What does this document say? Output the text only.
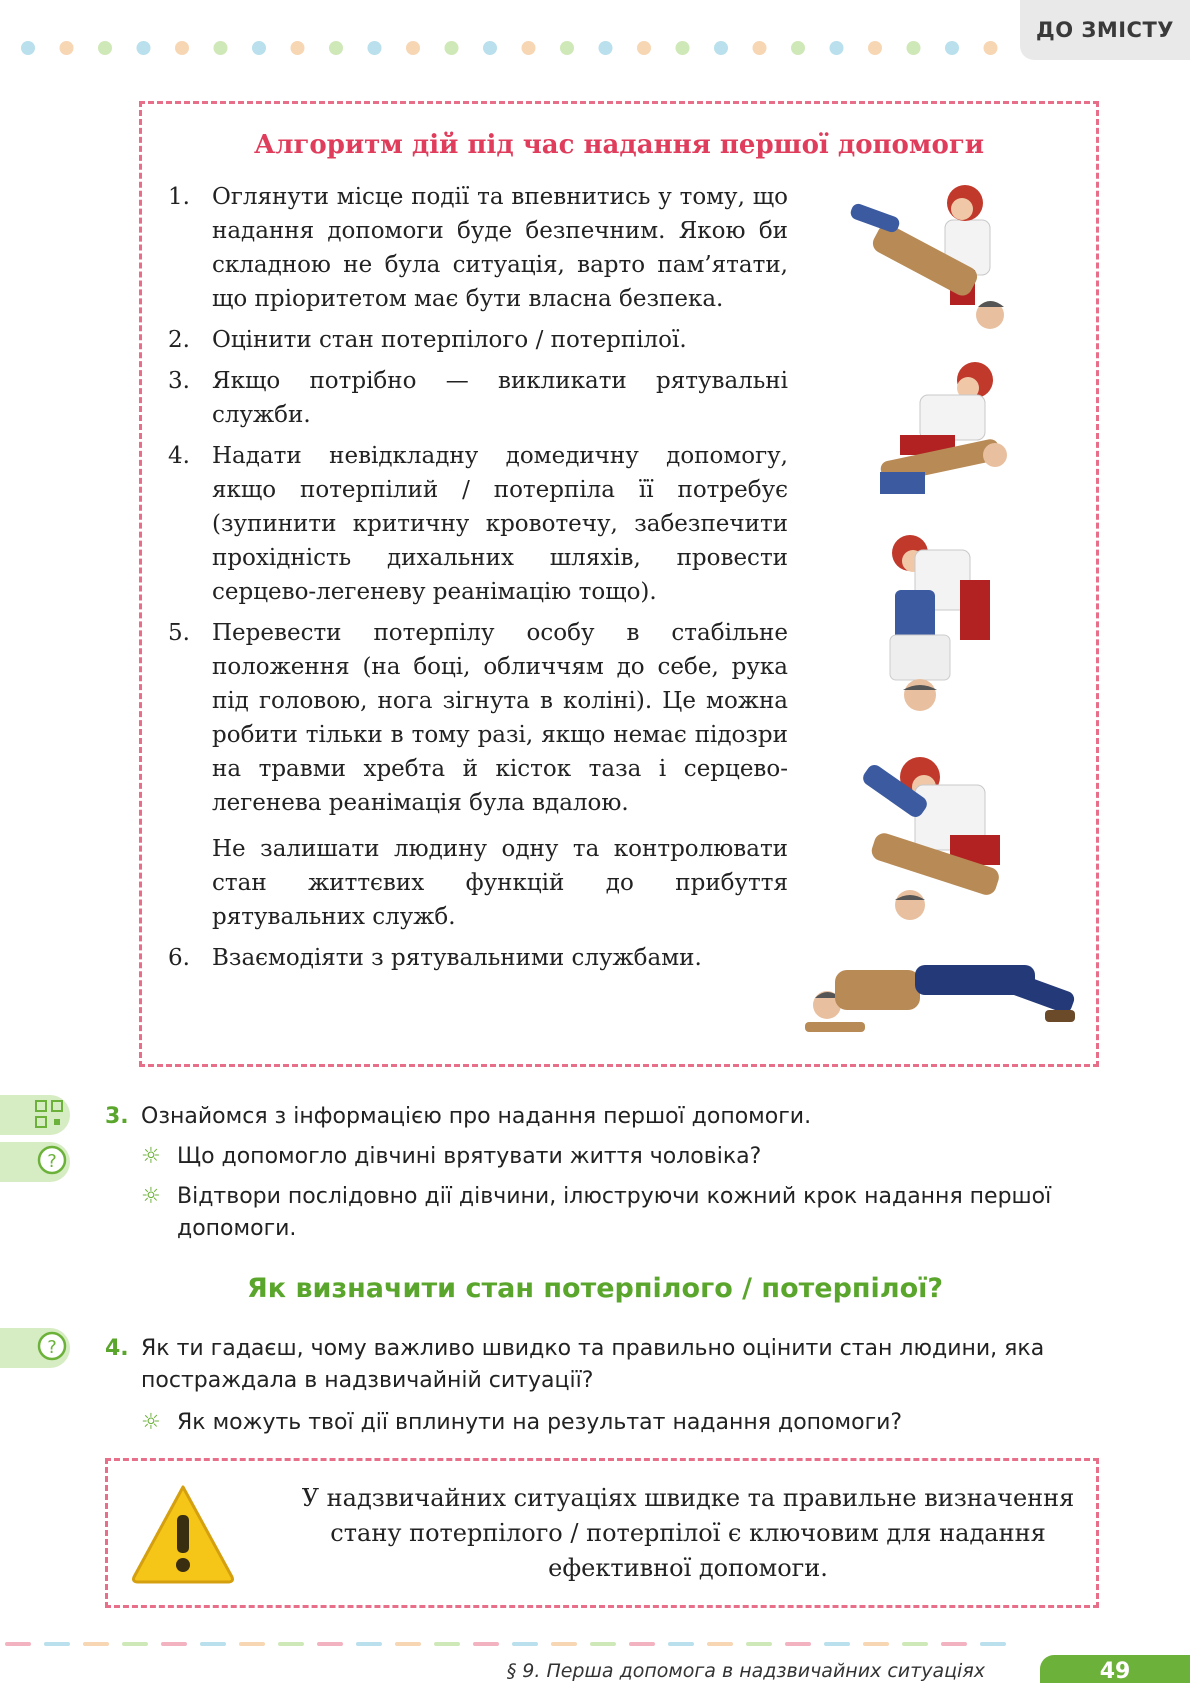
ДО ЗМІСТУ
Алгоритм дій під час надання першої допомоги
1. Оглянути місце події та впевнитись у тому, що надання допомоги буде безпечним. Якою би складною не була ситуація, варто пам’ятати, що пріоритетом має бути власна безпека.
2. Оцінити стан потерпілого / потерпілої.
3. Якщо потрібно — викликати рятувальні служби.
4. Надати невідкладну домедичну допомогу, якщо потерпілий / потерпіла її потребує (зупинити критичну кровотечу, забезпечити прохідність дихальних шляхів, провести серцево-легеневу реанімацію тощо).
5. Перевести потерпілу особу в стабільне положення (на боці, обличчям до себе, рука під головою, нога зігнута в коліні). Це можна робити тільки в тому разі, якщо немає підозри на травми хребта й кісток таза і серцево-легенева реанімація була вдалою.
Не залишати людину одну та контролювати стан життєвих функцій до прибуття рятувальних служб.
6. Взаємодіяти з рятувальними службами.
?
3. Ознайомся з інформацією про надання першої допомоги.
☼ Що допомогло дівчині врятувати життя чоловіка?
☼ Відтвори послідовно дії дівчини, ілюструючи кожний крок надання першої допомоги.
Як визначити стан потерпілого / потерпілої?
? 4. Як ти гадаєш, чому важливо швидко та правильно оцінити стан людини, яка постраждала в надзвичайній ситуації?
☼ Як можуть твої дії вплинути на результат надання допомоги?
У надзвичайних ситуаціях швидке та правильне визначення стану потерпілого / потерпілої є ключовим для надання ефективної допомоги.
§ 9. Перша допомога в надзвичайних ситуаціях	49
